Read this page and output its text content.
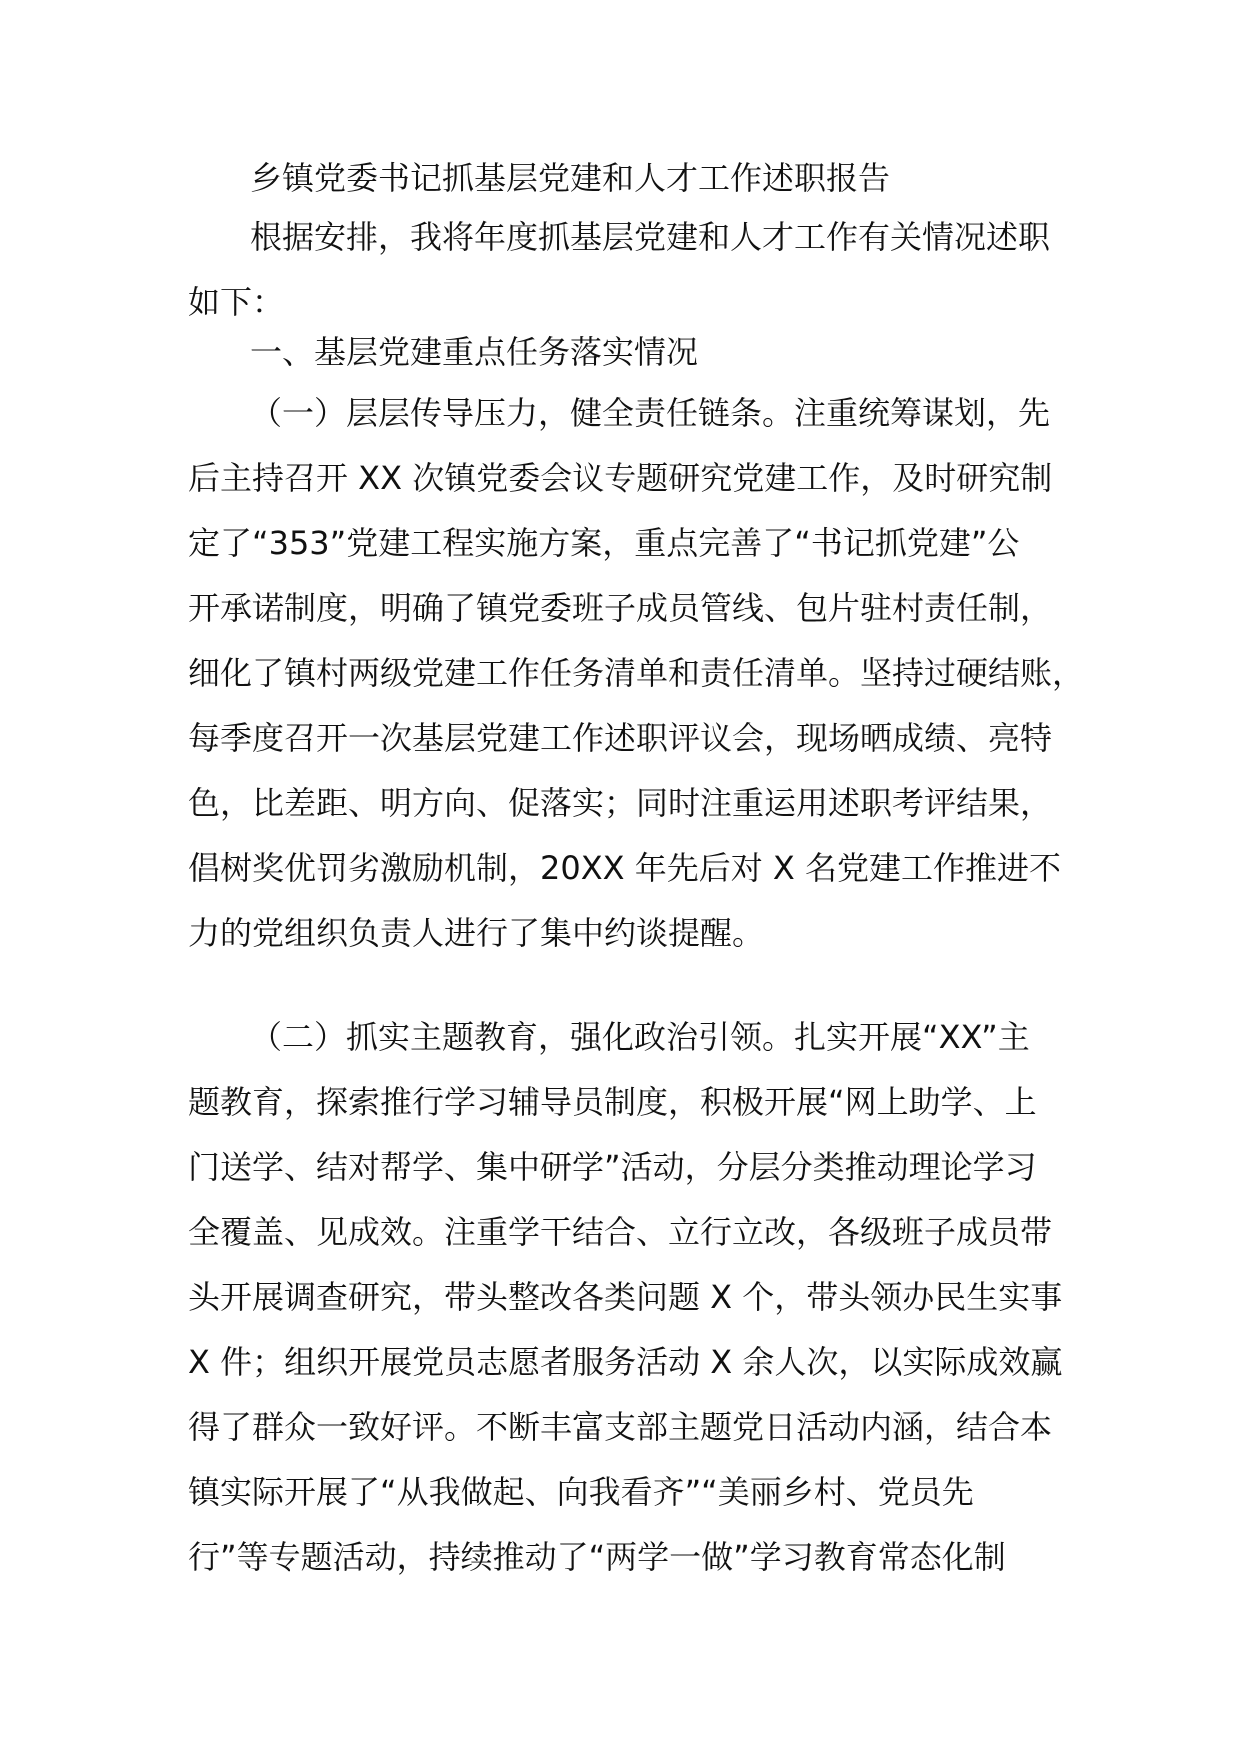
乡镇党委书记抓基层党建和人才工作述职报告

根据安排，我将年度抓基层党建和人才工作有关情况述职
如下：

一、基层党建重点任务落实情况

（一）层层传导压力，健全责任链条。注重统筹谋划，先
后主持召开 XX 次镇党委会议专题研究党建工作，及时研究制
定了“353”党建工程实施方案，重点完善了“书记抓党建”公
开承诺制度，明确了镇党委班子成员管线、包片驻村责任制，
细化了镇村两级党建工作任务清单和责任清单。坚持过硬结账，
每季度召开一次基层党建工作述职评议会，现场晒成绩、亮特
色，比差距、明方向、促落实；同时注重运用述职考评结果，
倡树奖优罚劣激励机制，20XX 年先后对 X 名党建工作推进不
力的党组织负责人进行了集中约谈提醒。
（二）抓实主题教育，强化政治引领。扎实开展“XX”主
题教育，探索推行学习辅导员制度，积极开展“网上助学、上
门送学、结对帮学、集中研学”活动，分层分类推动理论学习
全覆盖、见成效。注重学干结合、立行立改，各级班子成员带
头开展调查研究，带头整改各类问题 X 个，带头领办民生实事
X 件；组织开展党员志愿者服务活动 X 余人次，以实际成效赢
得了群众一致好评。不断丰富支部主题党日活动内涵，结合本
镇实际开展了“从我做起、向我看齐”“美丽乡村、党员先
行”等专题活动，持续推动了“两学一做”学习教育常态化制
